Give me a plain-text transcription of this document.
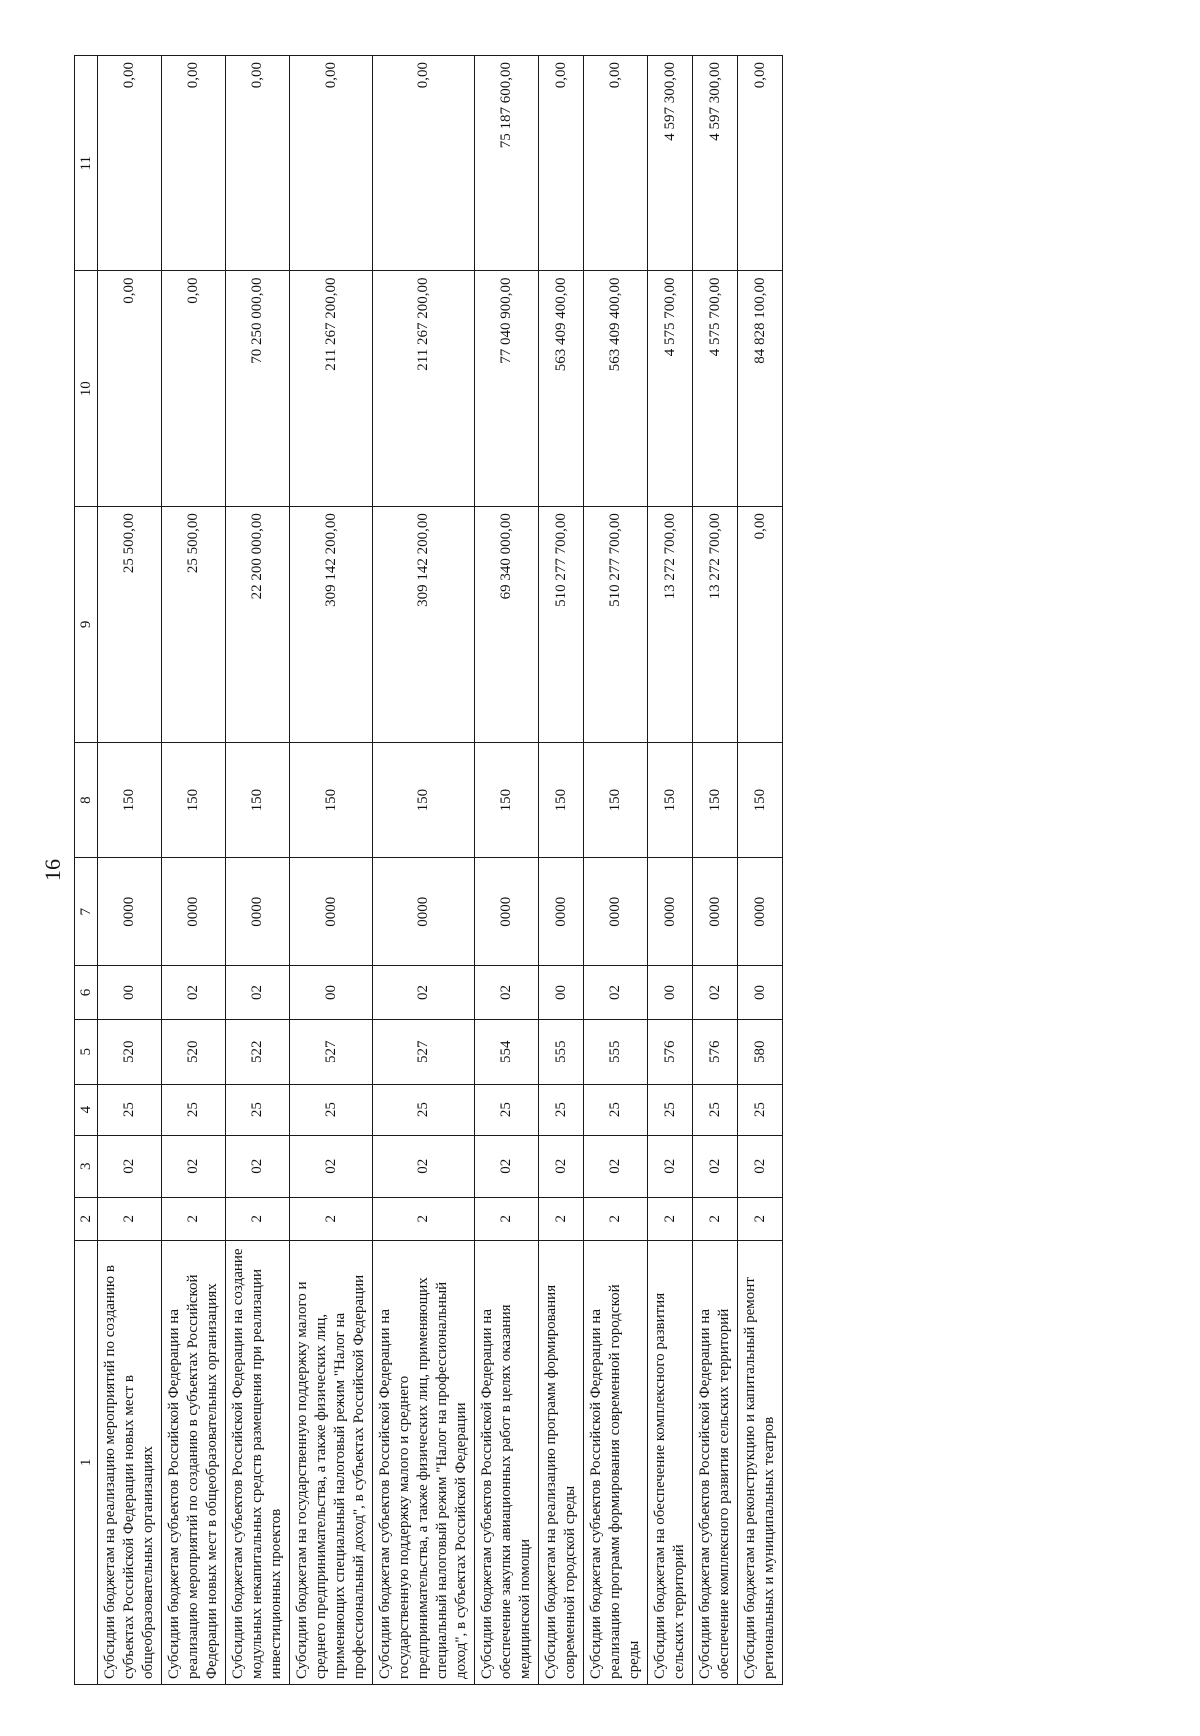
16
1	2	3	4	5	6	7	8	9	10	11
Субсидии бюджетам на реализацию мероприятий по созданию в субъектах Российской Федерации новых мест в общеобразовательных организациях	2	02	25	520	00	0000	150	25 500,00	0,00	0,00
Субсидии бюджетам субъектов Российской Федерации на реализацию мероприятий по созданию в субъектах Российской Федерации новых мест в общеобразовательных организациях	2	02	25	520	02	0000	150	25 500,00	0,00	0,00
Субсидии бюджетам субъектов Российской Федерации на создание модульных некапитальных средств размещения при реализации инвестиционных проектов	2	02	25	522	02	0000	150	22 200 000,00	70 250 000,00	0,00
Субсидии бюджетам на государственную поддержку малого и среднего предпринимательства, а также физических лиц, применяющих специальный налоговый режим "Налог на профессиональный доход", в субъектах Российской Федерации	2	02	25	527	00	0000	150	309 142 200,00	211 267 200,00	0,00
Субсидии бюджетам субъектов Российской Федерации на государственную поддержку малого и среднего предпринимательства, а также физических лиц, применяющих специальный налоговый режим "Налог на профессиональный доход", в субъектах Российской Федерации	2	02	25	527	02	0000	150	309 142 200,00	211 267 200,00	0,00
Субсидии бюджетам субъектов Российской Федерации на обеспечение закупки авиационных работ в целях оказания медицинской помощи	2	02	25	554	02	0000	150	69 340 000,00	77 040 900,00	75 187 600,00
Субсидии бюджетам на реализацию программ формирования современной городской среды	2	02	25	555	00	0000	150	510 277 700,00	563 409 400,00	0,00
Субсидии бюджетам субъектов Российской Федерации на реализацию программ формирования современной городской среды	2	02	25	555	02	0000	150	510 277 700,00	563 409 400,00	0,00
Субсидии бюджетам на обеспечение комплексного развития сельских территорий	2	02	25	576	00	0000	150	13 272 700,00	4 575 700,00	4 597 300,00
Субсидии бюджетам субъектов Российской Федерации на обеспечение комплексного развития сельских территорий	2	02	25	576	02	0000	150	13 272 700,00	4 575 700,00	4 597 300,00
Субсидии бюджетам на реконструкцию и капитальный ремонт региональных и муниципальных театров	2	02	25	580	00	0000	150	0,00	84 828 100,00	0,00
